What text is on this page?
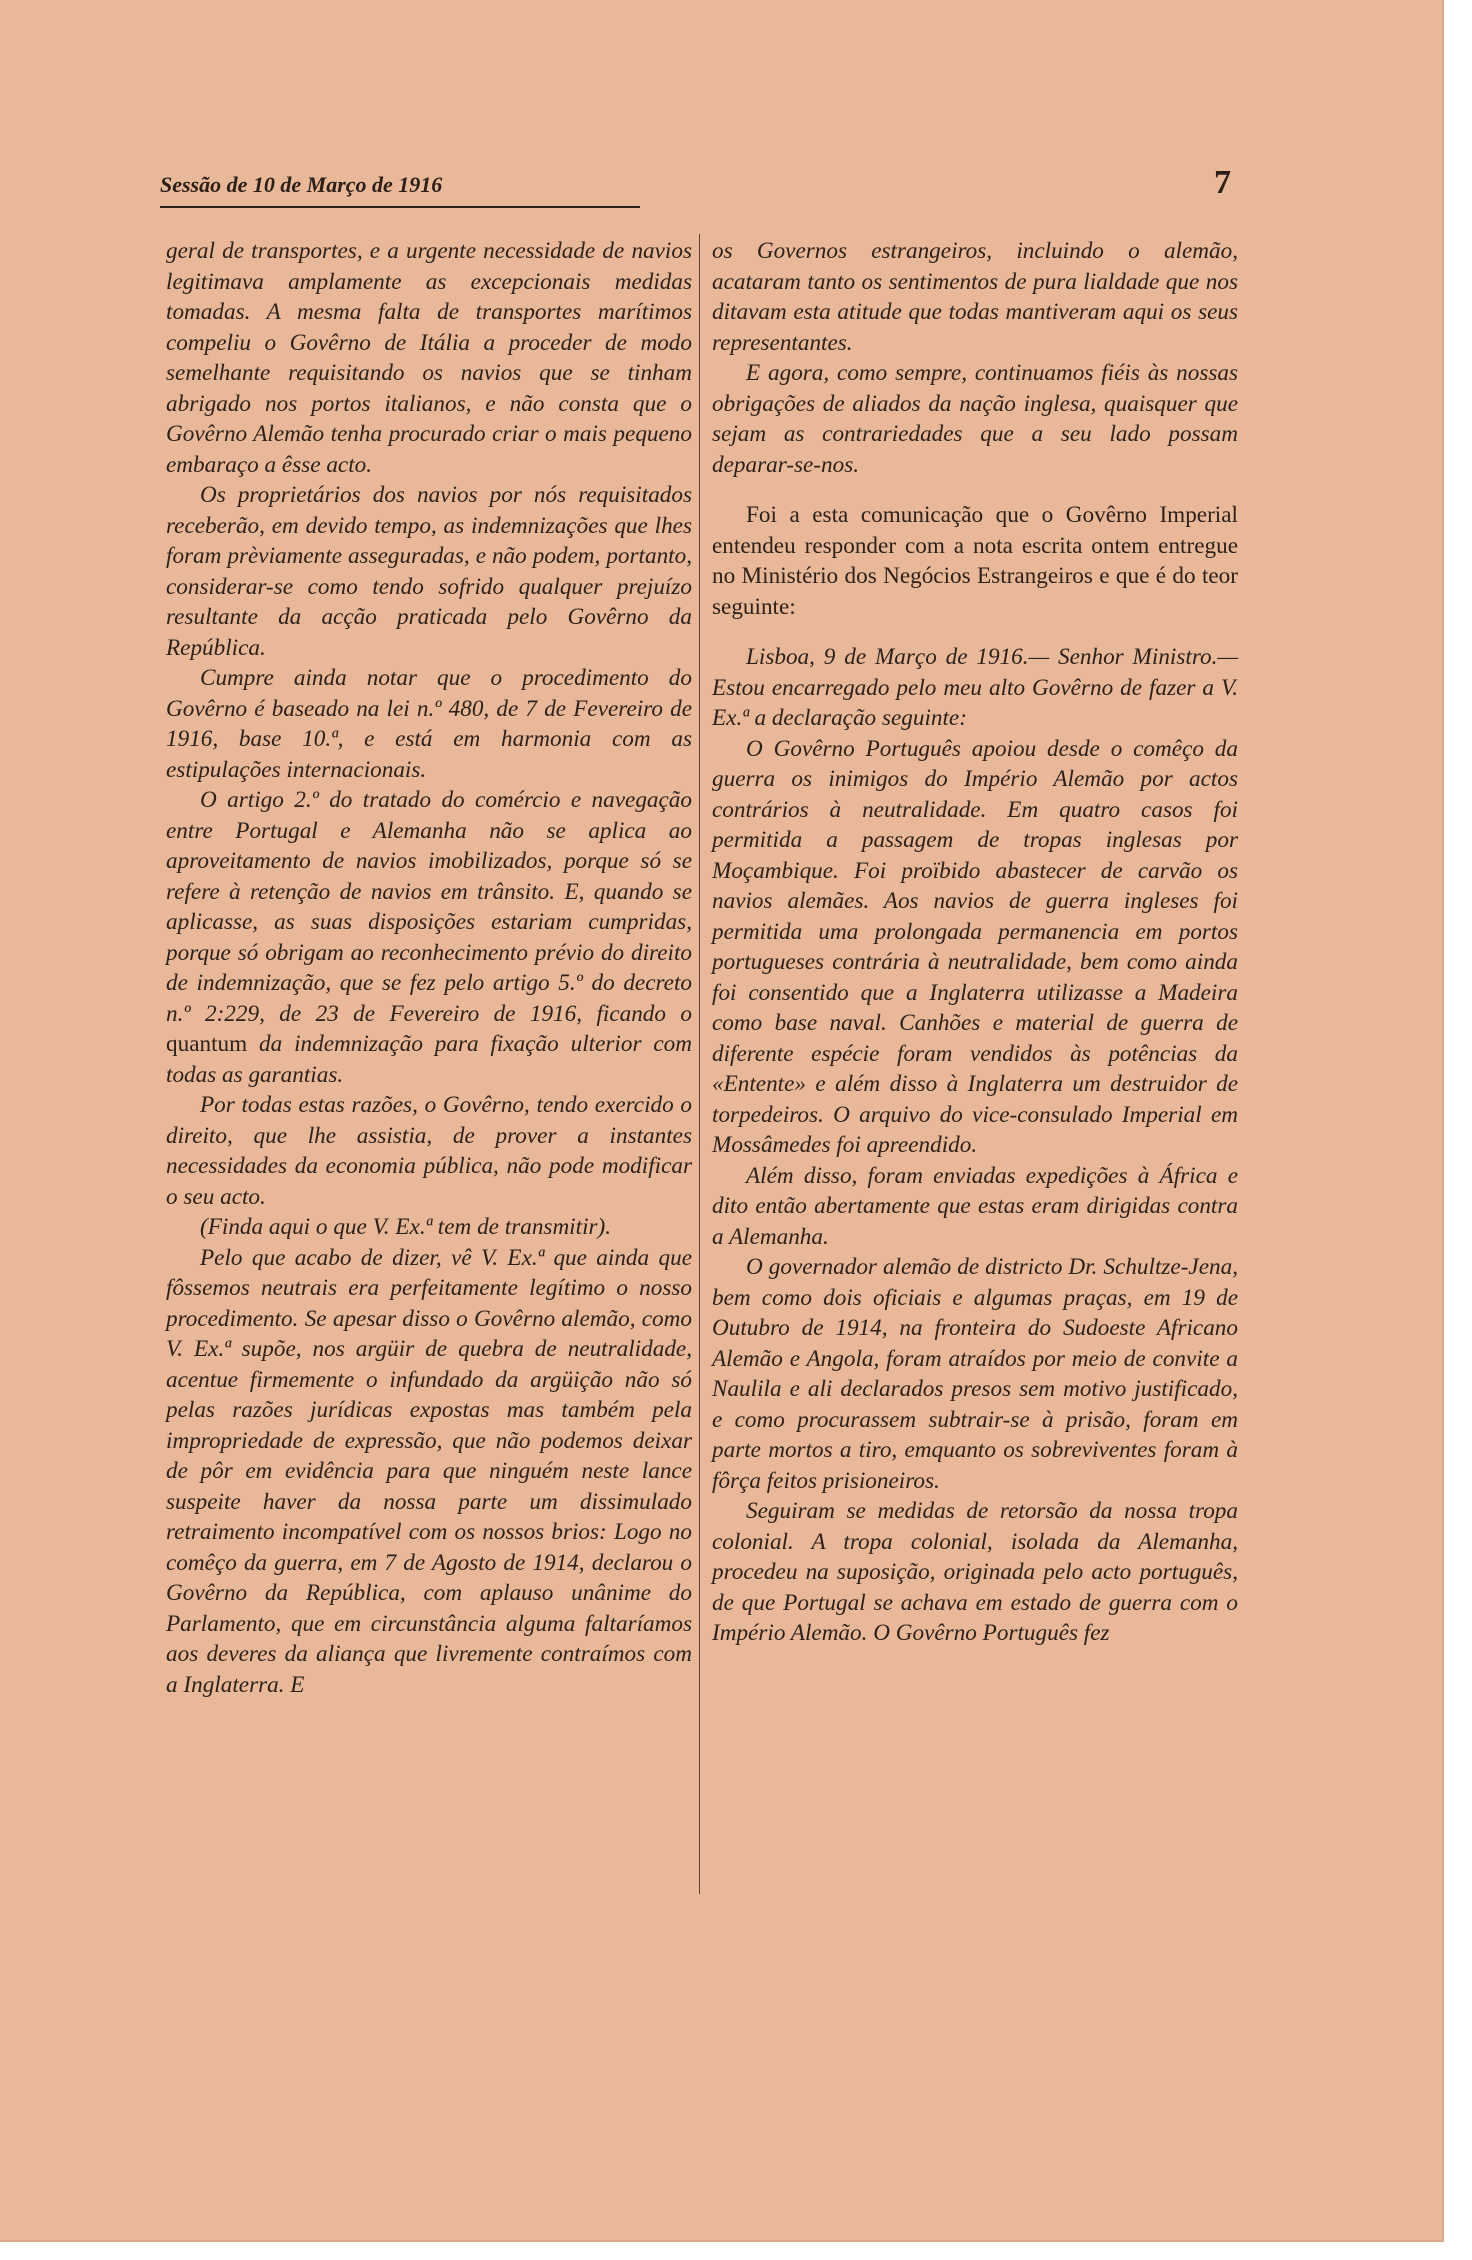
Sessão de 10 de Março de 1916	7

geral de transportes, e a urgente necessidade de navios legitimava amplamente as excepcionais medidas tomadas. A mesma falta de transportes marítimos compeliu o Govêrno de Itália a proceder de modo semelhante requisitando os navios que se tinham abrigado nos portos italianos, e não consta que o Govêrno Alemão tenha procurado criar o mais pequeno embaraço a êsse acto.

Os proprietários dos navios por nós requisitados receberão, em devido tempo, as indemnizações que lhes foram prèviamente asseguradas, e não podem, portanto, considerar-se como tendo sofrido qualquer prejuízo resultante da acção praticada pelo Govêrno da República.

Cumpre ainda notar que o procedimento do Govêrno é baseado na lei n.º 480, de 7 de Fevereiro de 1916, base 10.ª, e está em harmonia com as estipulações internacionais.

O artigo 2.º do tratado do comércio e navegação entre Portugal e Alemanha não se aplica ao aproveitamento de navios imobilizados, porque só se refere à retenção de navios em trânsito. E, quando se aplicasse, as suas disposições estariam cumpridas, porque só obrigam ao reconhecimento prévio do direito de indemnização, que se fez pelo artigo 5.º do decreto n.º 2:229, de 23 de Fevereiro de 1916, ficando o quantum da indemnização para fixação ulterior com todas as garantias.

Por todas estas razões, o Govêrno, tendo exercido o direito, que lhe assistia, de prover a instantes necessidades da economia pública, não pode modificar o seu acto.

(Finda aqui o que V. Ex.ª tem de transmitir).

Pelo que acabo de dizer, vê V. Ex.ª que ainda que fôssemos neutrais era perfeitamente legítimo o nosso procedimento. Se apesar disso o Govêrno alemão, como V. Ex.ª supõe, nos argüir de quebra de neutralidade, acentue firmemente o infundado da argüição não só pelas razões jurídicas expostas mas também pela impropriedade de expressão, que não podemos deixar de pôr em evidência para que ninguém neste lance suspeite haver da nossa parte um dissimulado retraimento incompatível com os nossos brios: Logo no comêço da guerra, em 7 de Agosto de 1914, declarou o Govêrno da República, com aplauso unânime do Parlamento, que em circunstância alguma faltaríamos aos deveres da aliança que livremente contraímos com a Inglaterra. E

os Governos estrangeiros, incluindo o alemão, acataram tanto os sentimentos de pura lialdade que nos ditavam esta atitude que todas mantiveram aqui os seus representantes.

E agora, como sempre, continuamos fiéis às nossas obrigações de aliados da nação inglesa, quaisquer que sejam as contrariedades que a seu lado possam deparar-se-nos.

Foi a esta comunicação que o Govêrno Imperial entendeu responder com a nota escrita ontem entregue no Ministério dos Negócios Estrangeiros e que é do teor seguinte:

Lisboa, 9 de Março de 1916.— Senhor Ministro.— Estou encarregado pelo meu alto Govêrno de fazer a V. Ex.ª a declaração seguinte:

O Govêrno Português apoiou desde o comêço da guerra os inimigos do Império Alemão por actos contrários à neutralidade. Em quatro casos foi permitida a passagem de tropas inglesas por Moçambique. Foi proïbido abastecer de carvão os navios alemães. Aos navios de guerra ingleses foi permitida uma prolongada permanencia em portos portugueses contrária à neutralidade, bem como ainda foi consentido que a Inglaterra utilizasse a Madeira como base naval. Canhões e material de guerra de diferente espécie foram vendidos às potências da «Entente» e além disso à Inglaterra um destruidor de torpedeiros. O arquivo do vice-consulado Imperial em Mossâmedes foi apreendido.

Além disso, foram enviadas expedições à África e dito então abertamente que estas eram dirigidas contra a Alemanha.

O governador alemão de districto Dr. Schultze-Jena, bem como dois oficiais e algumas praças, em 19 de Outubro de 1914, na fronteira do Sudoeste Africano Alemão e Angola, foram atraídos por meio de convite a Naulila e ali declarados presos sem motivo justificado, e como procurassem subtrair-se à prisão, foram em parte mortos a tiro, emquanto os sobreviventes foram à fôrça feitos prisioneiros.

Seguiram se medidas de retorsão da nossa tropa colonial. A tropa colonial, isolada da Alemanha, procedeu na suposição, originada pelo acto português, de que Portugal se achava em estado de guerra com o Império Alemão. O Govêrno Português fez
